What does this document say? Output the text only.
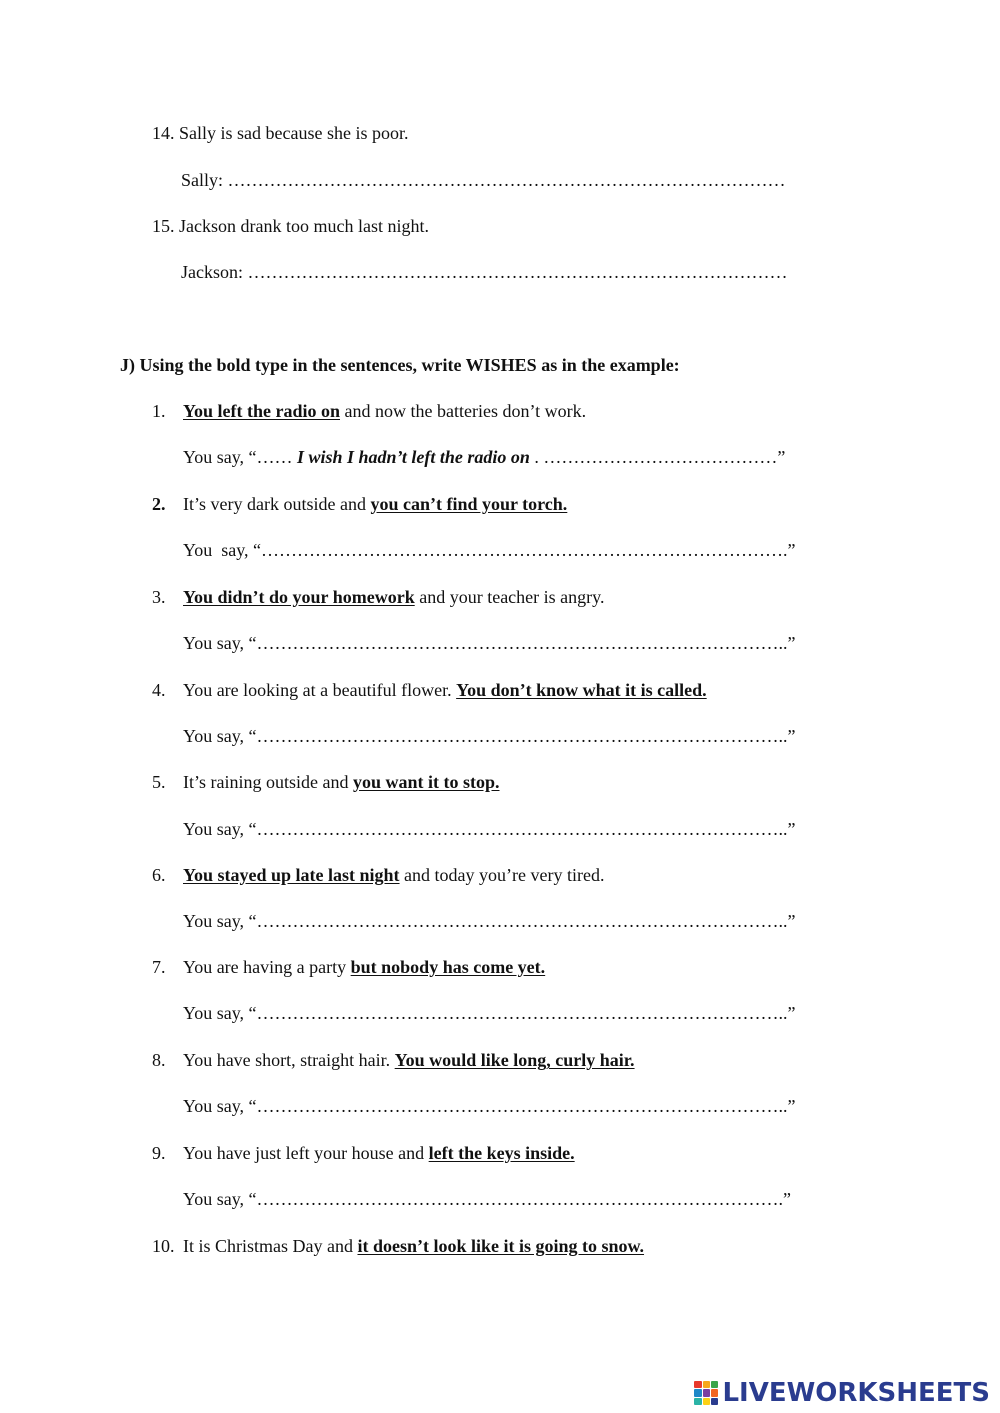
14. Sally is sad because she is poor.
Sally: …………………………………………………………………………………
15. Jackson drank too much last night.
Jackson: ………………………………………………………………………………
J) Using the bold type in the sentences, write WISHES as in the example:
1. You left the radio on and now the batteries don’t work.
You say, “…… I wish I hadn’t left the radio on . …………………………………”
2. It’s very dark outside and you can’t find your torch.
You  say, “…………………………………………………………………………….”
3. You didn’t do your homework and your teacher is angry.
You say, “……………………………………………………………………………..”
4. You are looking at a beautiful flower. You don’t know what it is called.
You say, “……………………………………………………………………………..”
5. It’s raining outside and you want it to stop.
You say, “……………………………………………………………………………..”
6. You stayed up late last night and today you’re very tired.
You say, “……………………………………………………………………………..”
7. You are having a party but nobody has come yet.
You say, “……………………………………………………………………………..”
8. You have short, straight hair. You would like long, curly hair.
You say, “……………………………………………………………………………..”
9. You have just left your house and left the keys inside.
You say, “…………………………………………………………………………….”
10. It is Christmas Day and it doesn’t look like it is going to snow.
LIVEWORKSHEETS
